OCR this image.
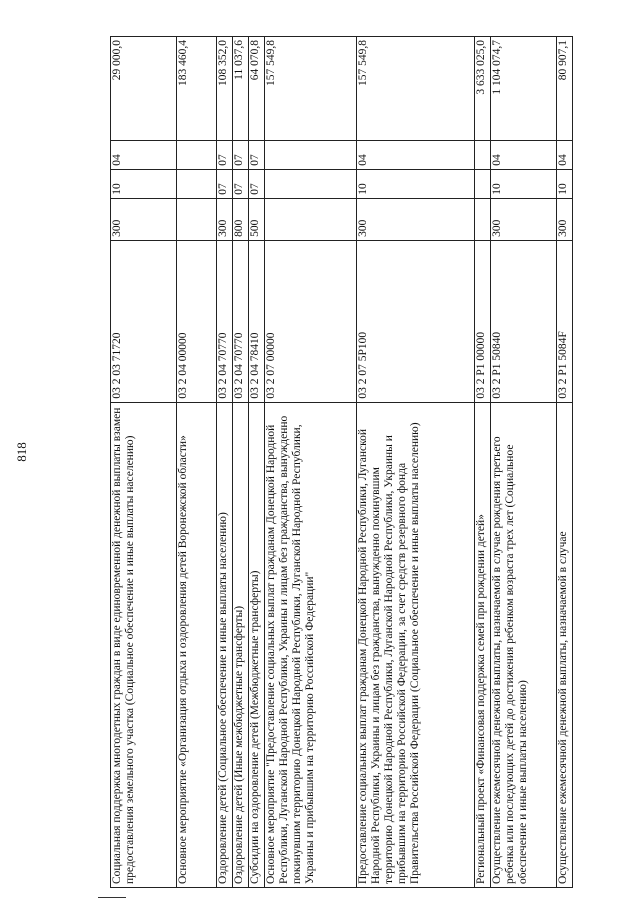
818	Социальная поддержка многодетных граждан в виде единовременной денежной выплаты взамен предоставления земельного участка (Социальное обеспечение и иные выплаты населению)	03 2 03 71720	300	10	04	29 000,0
Основное мероприятие «Организация отдыха и оздоровления детей Воронежской области»	03 2 04 00000				183 460,4
Оздоровление детей (Социальное обеспечение и иные выплаты населению)	03 2 04 70770	300	07	07	108 352,0
Оздоровление детей (Иные межбюджетные трансферты)	03 2 04 70770	800	07	07	11 037,6
Субсидии на оздоровление детей (Межбюджетные трансферты)	03 2 04 78410	500	07	07	64 070,8
Основное мероприятие "Предоставление социальных выплат гражданам Донецкой Народной Республики, Луганской Народной Республики, Украины и лицам без гражданства, вынужденно покинувшим территорию Донецкой Народной Республики, Луганской Народной Республики, Украины и прибывшим на территорию Российской Федерации"	03 2 07 00000				157 549,8
Предоставление социальных выплат гражданам Донецкой Народной Республики, Луганской Народной Республики, Украины и лицам без гражданства, вынужденно покинувшим территорию Донецкой Народной Республики, Луганской Народной Республики, Украины и прибывшим на территорию Российской Федерации, за счет средств резервного фонда Правительства Российской Федерации (Социальное обеспечение и иные выплаты населению)	03 2 07 5Р100	300	10	04	157 549,8
Региональный проект «Финансовая поддержка семей при рождении детей»	03 2 Р1 00000				3 633 025,0
Осуществление ежемесячной денежной выплаты, назначаемой в случае рождения третьего ребенка или последующих детей до достижения ребенком возраста трех лет (Социальное обеспечение и иные выплаты населению)	03 2 Р1 50840	300	10	04	1 104 074,7
Осуществление ежемесячной денежной выплаты, назначаемой в случае	03 2 Р1 5084F	300	10	04	80 907,1
